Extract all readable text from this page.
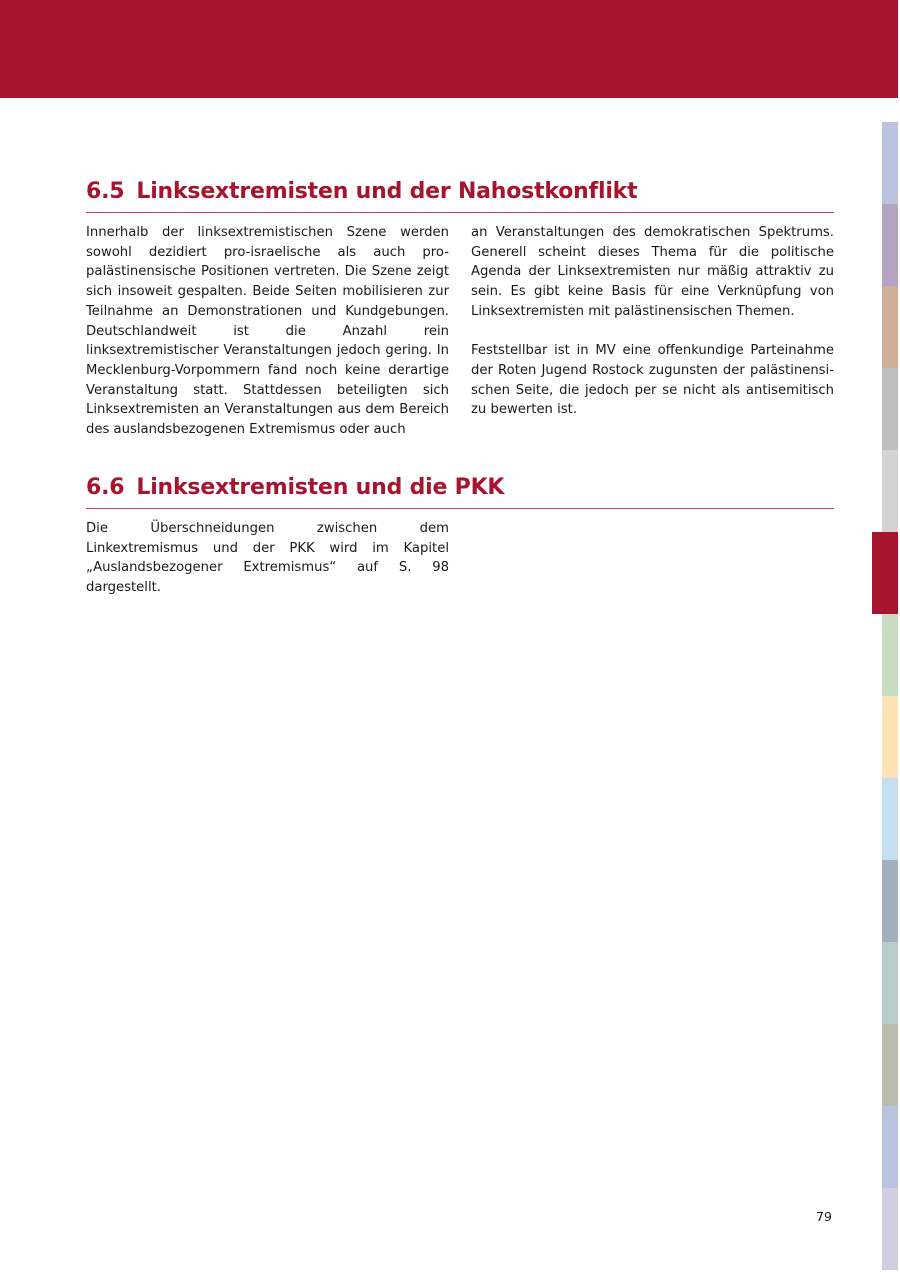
6.5 Linksextremisten und der Nahostkonflikt

Innerhalb der linksextremistischen Szene werden sowohl dezidiert pro-israelische als auch pro-palästinensische Positionen vertreten. Die Szene zeigt sich insoweit gespalten. Beide Seiten mobilisieren zur Teilnahme an Demonstrationen und Kundgebungen. Deutschlandweit ist die Anzahl rein linksextremistischer Veranstaltungen jedoch gering. In Mecklenburg-Vorpommern fand noch keine derartige Veranstaltung statt. Stattdessen beteiligten sich Linksextremisten an Veranstaltungen aus dem Bereich des auslandsbezogenen Extremismus oder auch

an Veranstaltungen des demokratischen Spektrums. Generell scheint dieses Thema für die politische Agenda der Linksextremisten nur mäßig attraktiv zu sein. Es gibt keine Basis für eine Verknüpfung von Linksextremisten mit palästinensischen Themen.

Feststellbar ist in MV eine offenkundige Parteinahme der Roten Jugend Rostock zugunsten der palästinensischen Seite, die jedoch per se nicht als antisemitisch zu bewerten ist.

6.6 Linksextremisten und die PKK

Die Überschneidungen zwischen dem Linkextremismus und der PKK wird im Kapitel „Auslandsbezogener Extremismus“ auf S. 98 dargestellt.

79
